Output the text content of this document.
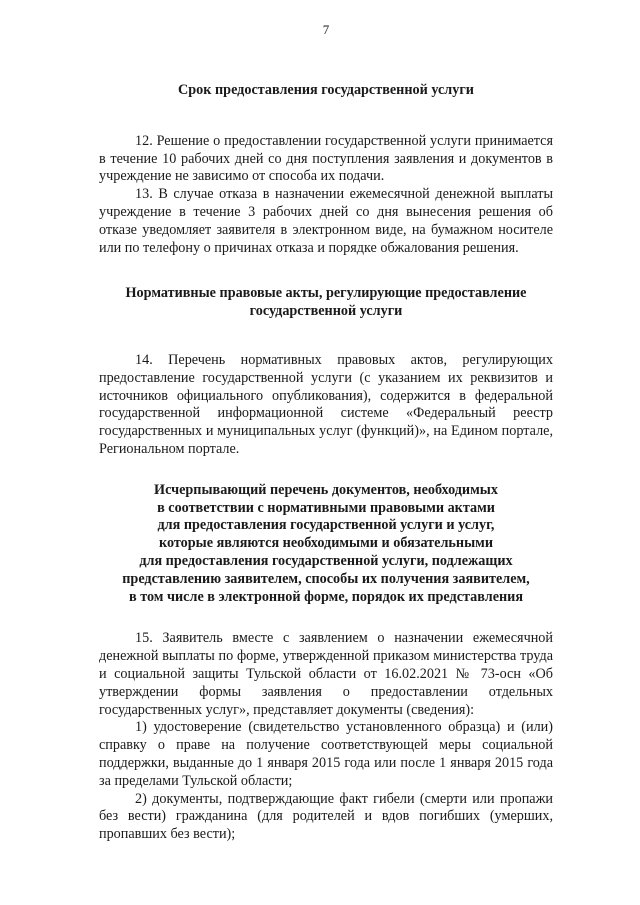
7
Срок предоставления государственной услуги

12. Решение о предоставлении государственной услуги принимается в течение 10 рабочих дней со дня поступления заявления и документов в учреждение не зависимо от способа их подачи.

13. В случае отказа в назначении ежемесячной денежной выплаты учреждение в течение 3 рабочих дней со дня вынесения решения об отказе уведомляет заявителя в электронном виде, на бумажном носителе или по телефону о причинах отказа и порядке обжалования решения.

Нормативные правовые акты, регулирующие предоставление
государственной услуги

14. Перечень нормативных правовых актов, регулирующих предоставление государственной услуги (с указанием их реквизитов и источников официального опубликования), содержится в федеральной государственной информационной системе «Федеральный реестр государственных и муниципальных услуг (функций)», на Едином портале, Региональном портале.

Исчерпывающий перечень документов, необходимых
в соответствии с нормативными правовыми актами
для предоставления государственной услуги и услуг,
которые являются необходимыми и обязательными
для предоставления государственной услуги, подлежащих
представлению заявителем, способы их получения заявителем,
в том числе в электронной форме, порядок их представления

15. Заявитель вместе с заявлением о назначении ежемесячной денежной выплаты по форме, утвержденной приказом министерства труда и социальной защиты Тульской области от 16.02.2021 № 73-осн «Об утверждении формы заявления о предоставлении отдельных государственных услуг», представляет документы (сведения):

1) удостоверение (свидетельство установленного образца) и (или) справку о праве на получение соответствующей меры социальной поддержки, выданные до 1 января 2015 года или после 1 января 2015 года за пределами Тульской области;

2) документы, подтверждающие факт гибели (смерти или пропажи без вести) гражданина (для родителей и вдов погибших (умерших, пропавших без вести);
